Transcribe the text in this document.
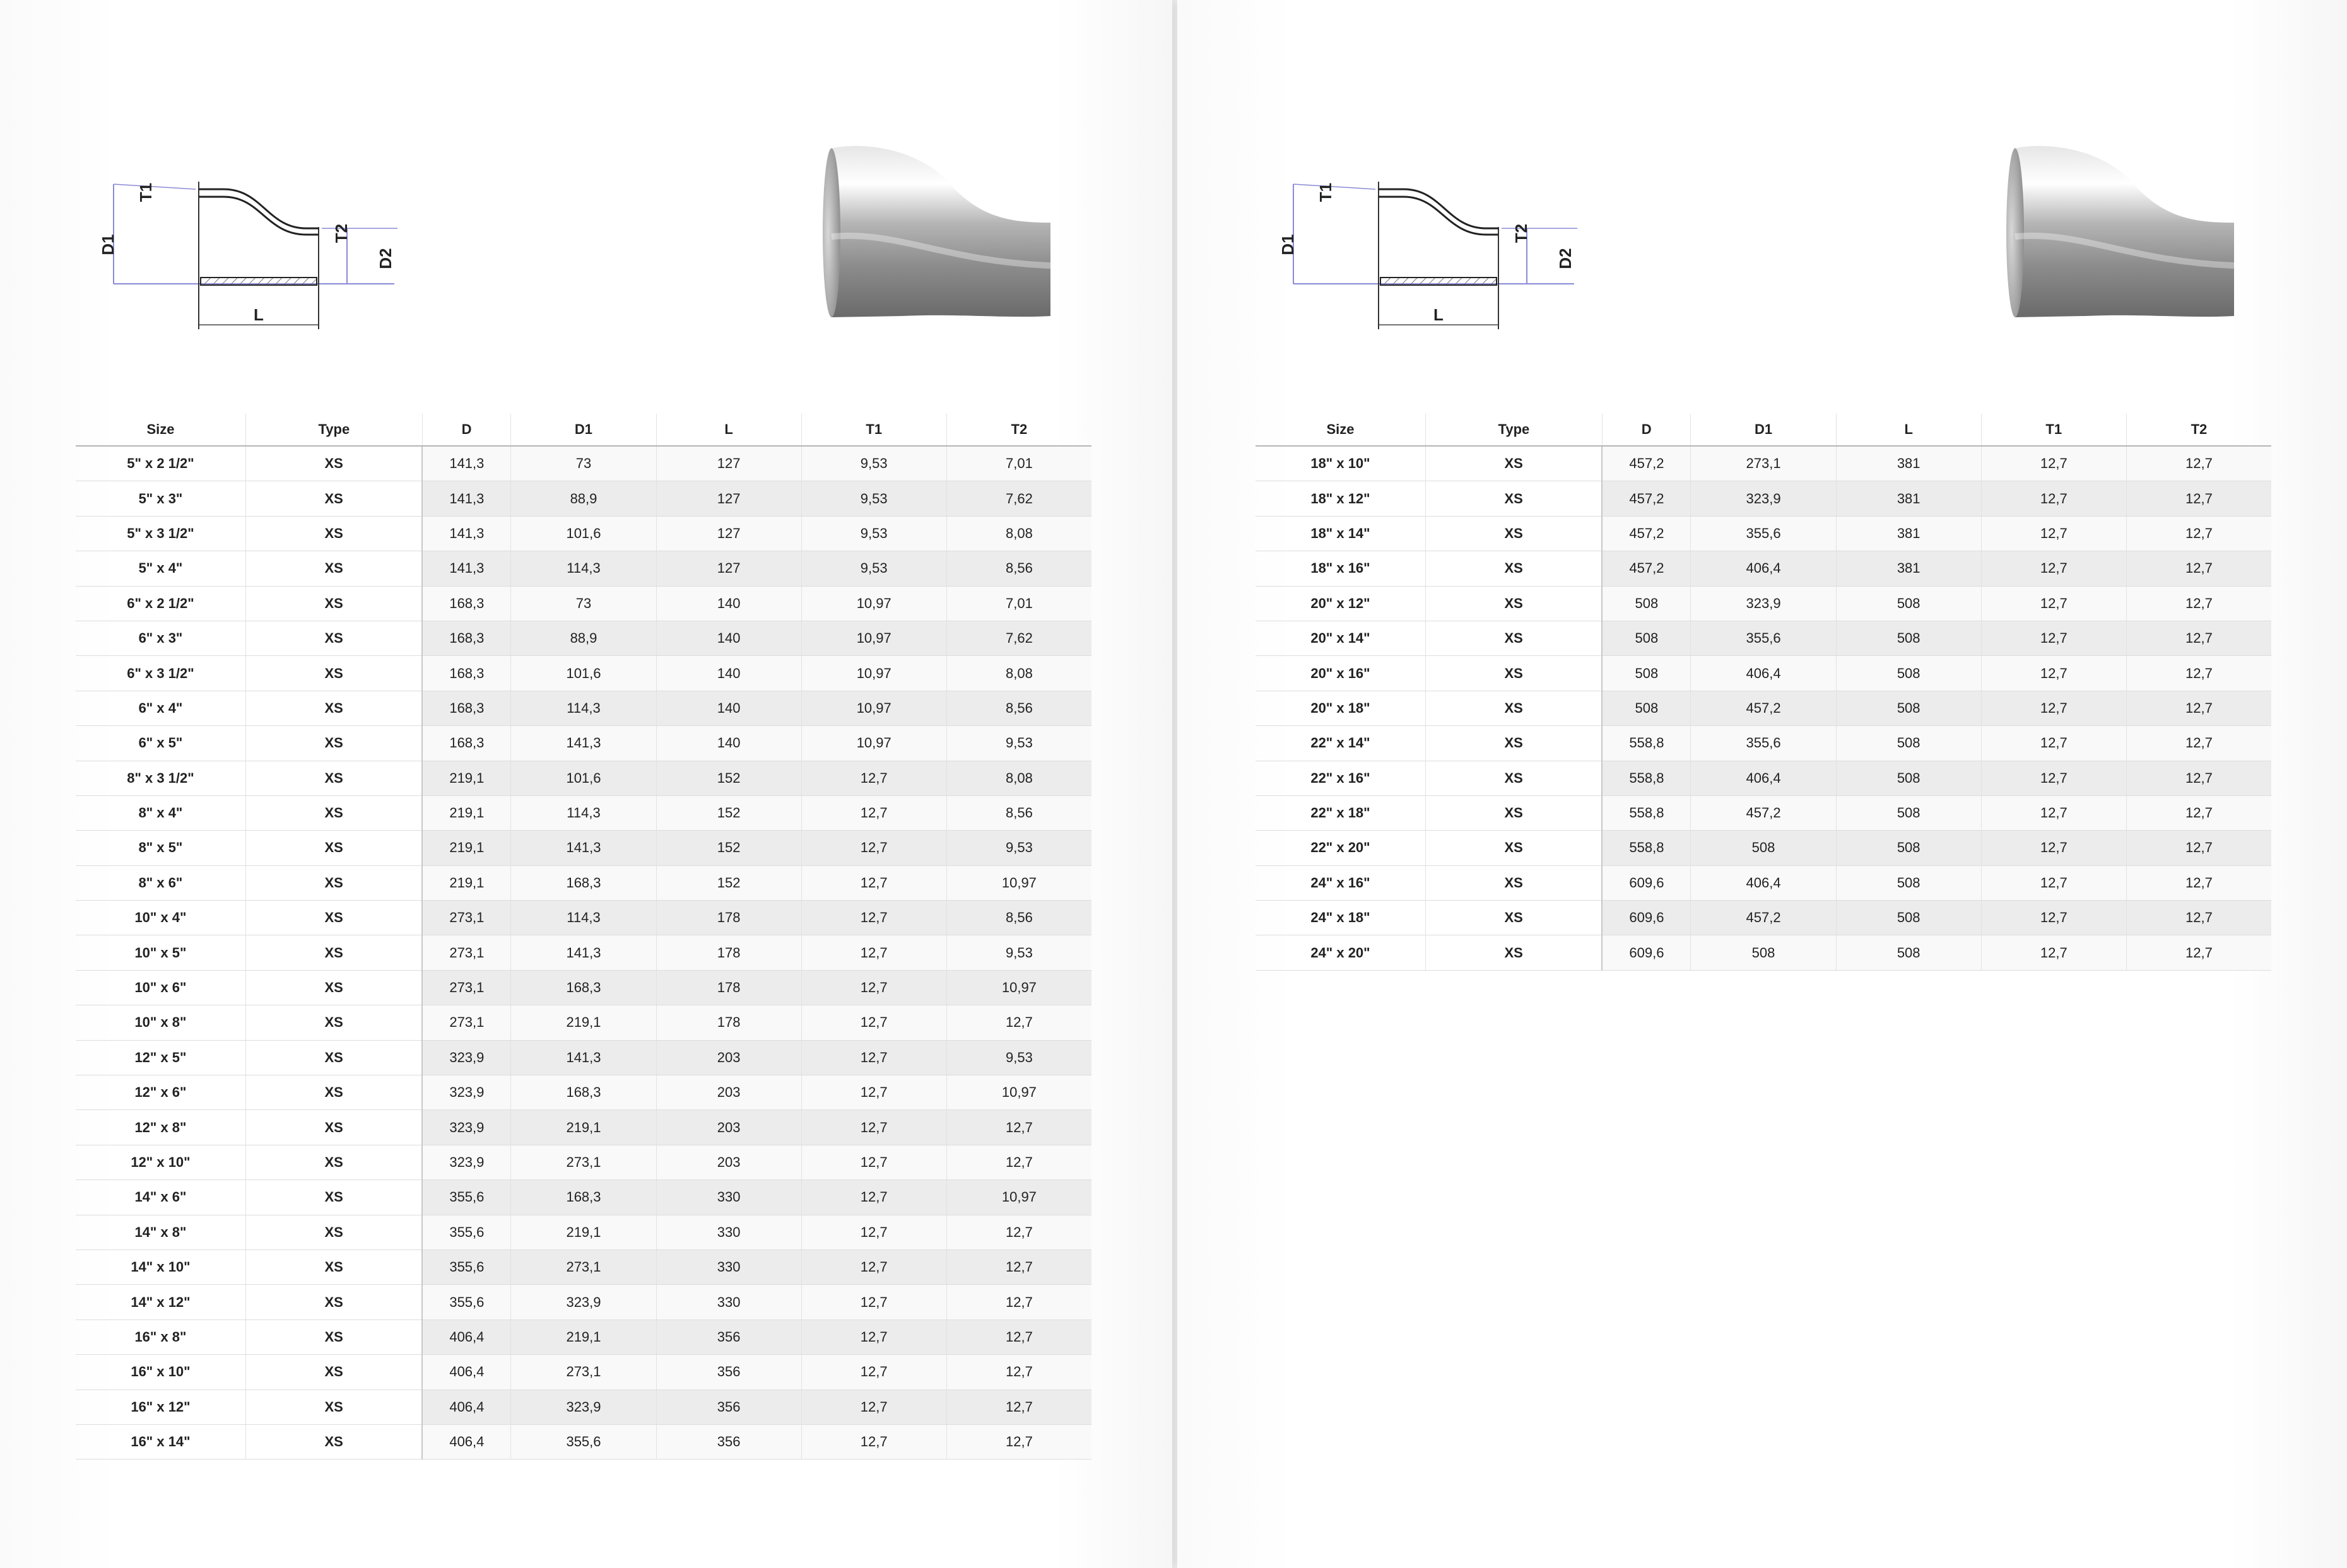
D1
T1
T2
D2
L
Size	Type	D	D1	L	T1	T2
5" x 2 1/2"	XS	141,3	73	127	9,53	7,01
5" x 3"	XS	141,3	88,9	127	9,53	7,62
5" x 3 1/2"	XS	141,3	101,6	127	9,53	8,08
5" x 4"	XS	141,3	114,3	127	9,53	8,56
6" x 2 1/2"	XS	168,3	73	140	10,97	7,01
6" x 3"	XS	168,3	88,9	140	10,97	7,62
6" x 3 1/2"	XS	168,3	101,6	140	10,97	8,08
6" x 4"	XS	168,3	114,3	140	10,97	8,56
6" x 5"	XS	168,3	141,3	140	10,97	9,53
8" x 3 1/2"	XS	219,1	101,6	152	12,7	8,08
8" x 4"	XS	219,1	114,3	152	12,7	8,56
8" x 5"	XS	219,1	141,3	152	12,7	9,53
8" x 6"	XS	219,1	168,3	152	12,7	10,97
10" x 4"	XS	273,1	114,3	178	12,7	8,56
10" x 5"	XS	273,1	141,3	178	12,7	9,53
10" x 6"	XS	273,1	168,3	178	12,7	10,97
10" x 8"	XS	273,1	219,1	178	12,7	12,7
12" x 5"	XS	323,9	141,3	203	12,7	9,53
12" x 6"	XS	323,9	168,3	203	12,7	10,97
12" x 8"	XS	323,9	219,1	203	12,7	12,7
12" x 10"	XS	323,9	273,1	203	12,7	12,7
14" x 6"	XS	355,6	168,3	330	12,7	10,97
14" x 8"	XS	355,6	219,1	330	12,7	12,7
14" x 10"	XS	355,6	273,1	330	12,7	12,7
14" x 12"	XS	355,6	323,9	330	12,7	12,7
16" x 8"	XS	406,4	219,1	356	12,7	12,7
16" x 10"	XS	406,4	273,1	356	12,7	12,7
16" x 12"	XS	406,4	323,9	356	12,7	12,7
16" x 14"	XS	406,4	355,6	356	12,7	12,7
D1
T1
T2
D2
L
Size	Type	D	D1	L	T1	T2
18" x 10"	XS	457,2	273,1	381	12,7	12,7
18" x 12"	XS	457,2	323,9	381	12,7	12,7
18" x 14"	XS	457,2	355,6	381	12,7	12,7
18" x 16"	XS	457,2	406,4	381	12,7	12,7
20" x 12"	XS	508	323,9	508	12,7	12,7
20" x 14"	XS	508	355,6	508	12,7	12,7
20" x 16"	XS	508	406,4	508	12,7	12,7
20" x 18"	XS	508	457,2	508	12,7	12,7
22" x 14"	XS	558,8	355,6	508	12,7	12,7
22" x 16"	XS	558,8	406,4	508	12,7	12,7
22" x 18"	XS	558,8	457,2	508	12,7	12,7
22" x 20"	XS	558,8	508	508	12,7	12,7
24" x 16"	XS	609,6	406,4	508	12,7	12,7
24" x 18"	XS	609,6	457,2	508	12,7	12,7
24" x 20"	XS	609,6	508	508	12,7	12,7
